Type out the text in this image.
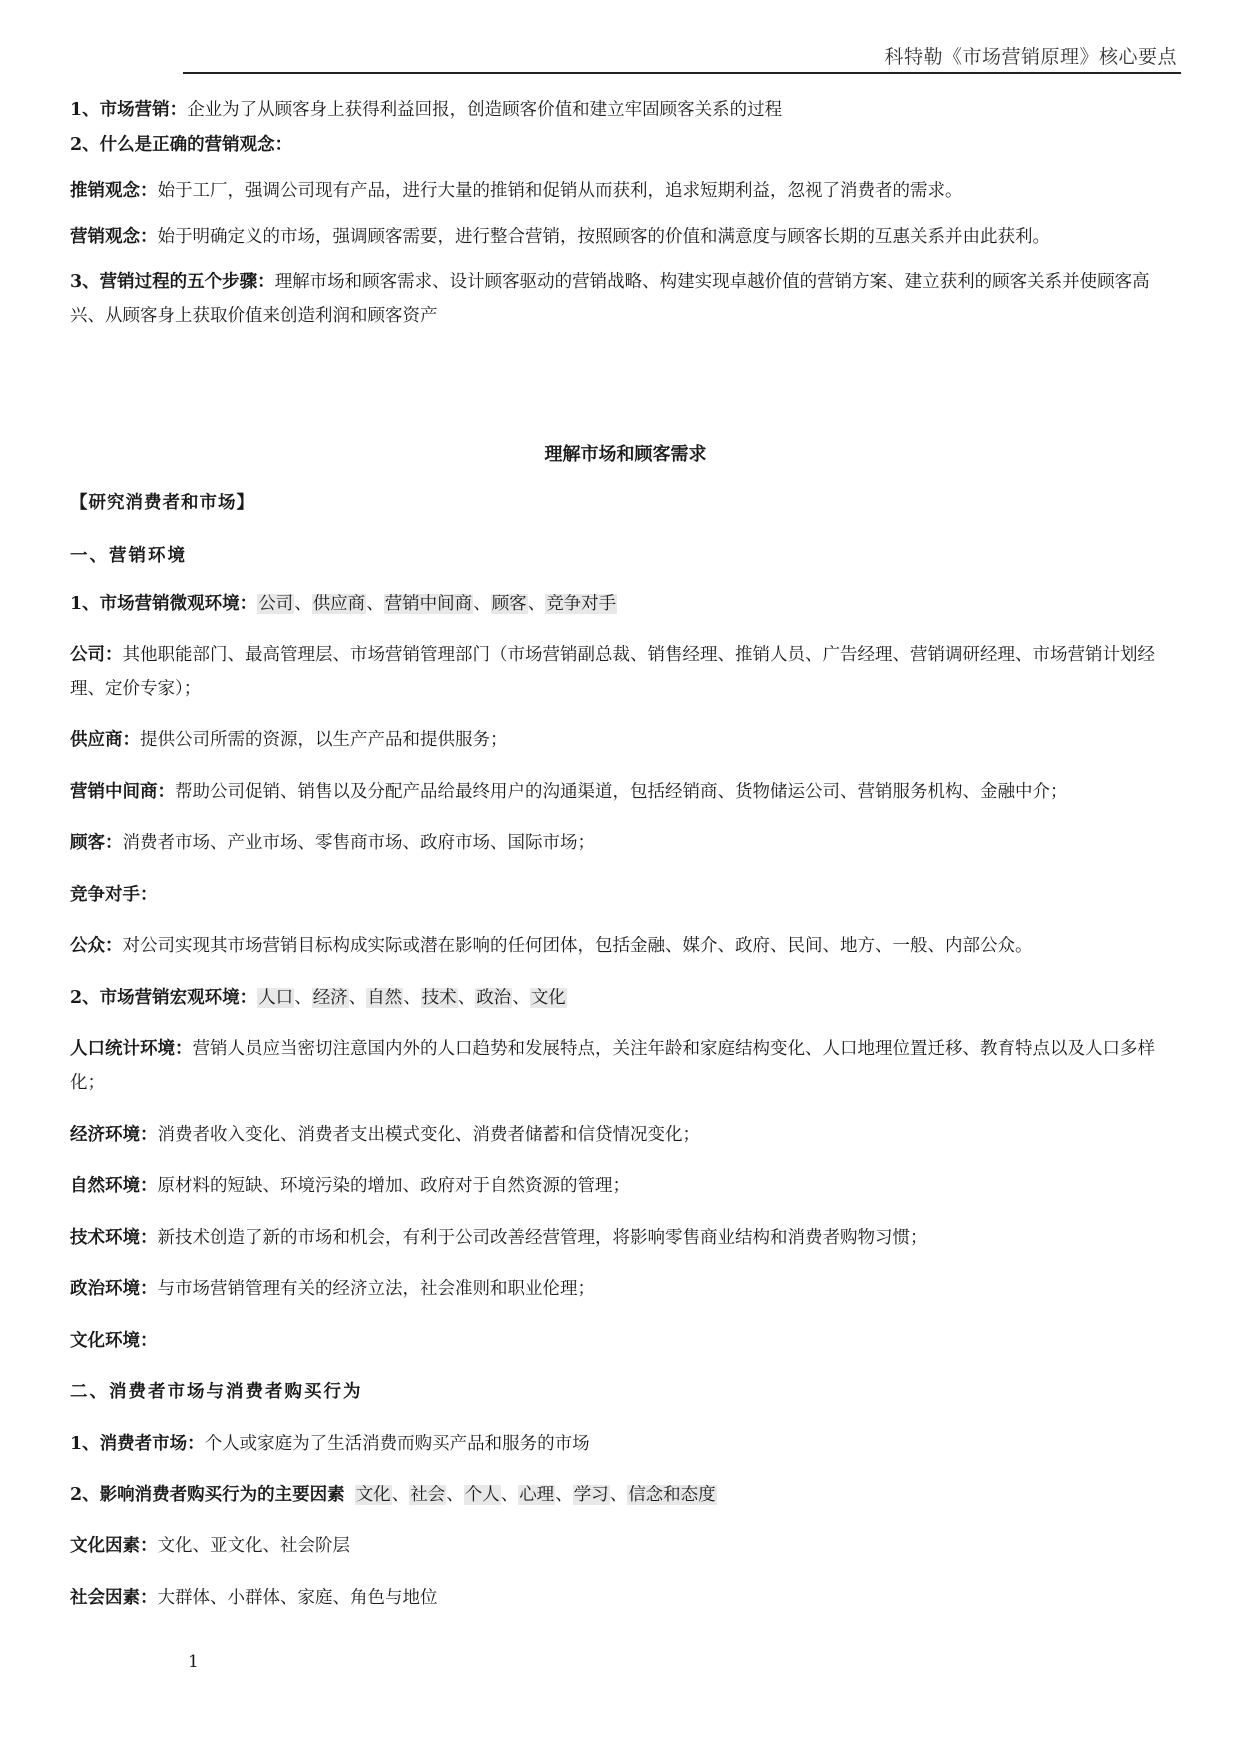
科特勒《市场营销原理》核心要点

1、市场营销：企业为了从顾客身上获得利益回报，创造顾客价值和建立牢固顾客关系的过程

2、什么是正确的营销观念：

推销观念：始于工厂，强调公司现有产品，进行大量的推销和促销从而获利，追求短期利益，忽视了消费者的需求。

营销观念：始于明确定义的市场，强调顾客需要，进行整合营销，按照顾客的价值和满意度与顾客长期的互惠关系并由此获利。

3、营销过程的五个步骤：理解市场和顾客需求、设计顾客驱动的营销战略、构建实现卓越价值的营销方案、建立获利的顾客关系并使顾客高兴、从顾客身上获取价值来创造利润和顾客资产

理解市场和顾客需求
【研究消费者和市场】
一、营销环境

1、市场营销微观环境：公司、供应商、营销中间商、顾客、竞争对手

公司：其他职能部门、最高管理层、市场营销管理部门（市场营销副总裁、销售经理、推销人员、广告经理、营销调研经理、市场营销计划经理、定价专家）；

供应商：提供公司所需的资源，以生产产品和提供服务；

营销中间商：帮助公司促销、销售以及分配产品给最终用户的沟通渠道，包括经销商、货物储运公司、营销服务机构、金融中介；

顾客：消费者市场、产业市场、零售商市场、政府市场、国际市场；

竞争对手：

公众：对公司实现其市场营销目标构成实际或潜在影响的任何团体，包括金融、媒介、政府、民间、地方、一般、内部公众。

2、市场营销宏观环境：人口、经济、自然、技术、政治、文化

人口统计环境：营销人员应当密切注意国内外的人口趋势和发展特点，关注年龄和家庭结构变化、人口地理位置迁移、教育特点以及人口多样化；

经济环境：消费者收入变化、消费者支出模式变化、消费者储蓄和信贷情况变化；

自然环境：原材料的短缺、环境污染的增加、政府对于自然资源的管理；

技术环境：新技术创造了新的市场和机会，有利于公司改善经营管理，将影响零售商业结构和消费者购物习惯；

政治环境：与市场营销管理有关的经济立法，社会准则和职业伦理；

文化环境：

二、消费者市场与消费者购买行为

1、消费者市场：个人或家庭为了生活消费而购买产品和服务的市场

2、影响消费者购买行为的主要因素 文化、社会、个人、心理、学习、信念和态度

文化因素：文化、亚文化、社会阶层

社会因素：大群体、小群体、家庭、角色与地位

1
